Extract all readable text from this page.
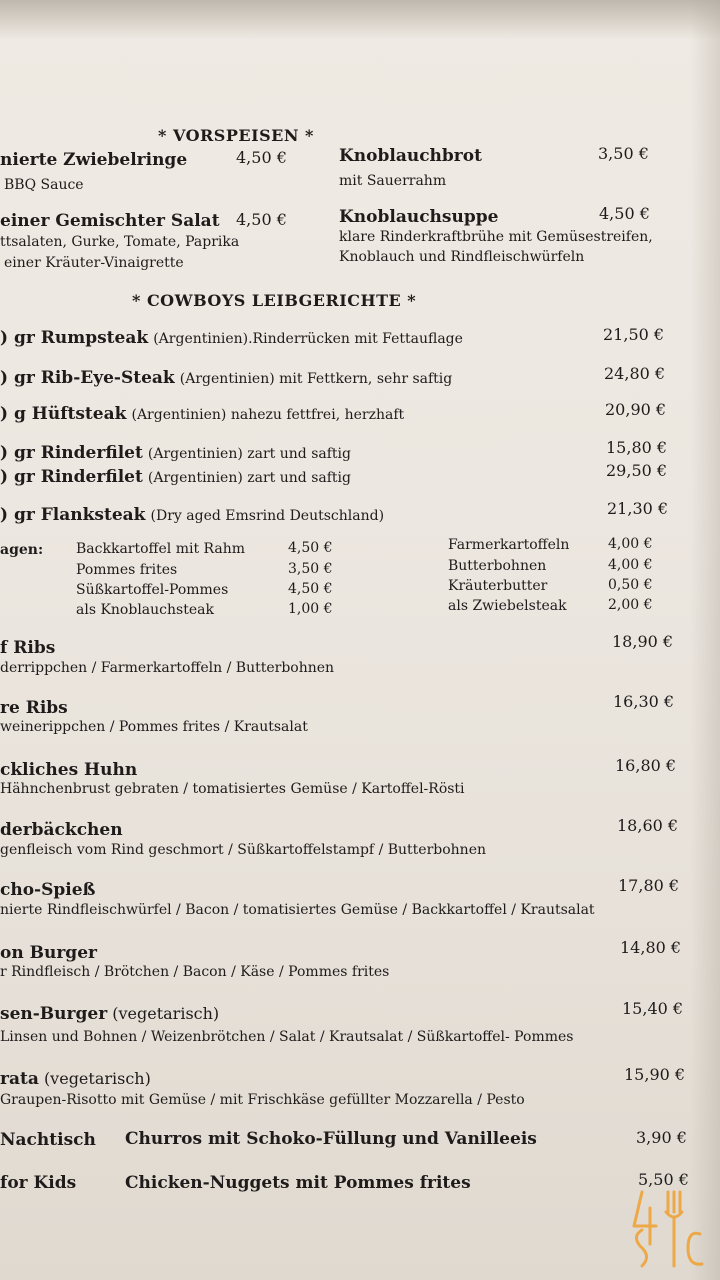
* VORSPEISEN *
nierte Zwiebelringe	4,50 €
BBQ Sauce
Knoblauchbrot	3,50 €
mit Sauerrahm
einer Gemischter Salat 4,50 €
ttsalaten, Gurke, Tomate, Paprika
einer Kräuter-Vinaigrette
Knoblauchsuppe	4,50 €
klare Rinderkraftbrühe mit Gemüsestreifen,
Knoblauch und Rindfleischwürfeln
* COWBOYS LEIBGERICHTE *
) gr Rumpsteak (Argentinien).Rinderrücken mit Fettauflage	21,50 €
) gr Rib-Eye-Steak (Argentinien) mit Fettkern, sehr saftig	24,80 €
) g Hüftsteak (Argentinien) nahezu fettfrei, herzhaft	20,90 €
) gr Rinderfilet (Argentinien) zart und saftig	15,80 €
) gr Rinderfilet (Argentinien) zart und saftig	29,50 €
) gr Flanksteak (Dry aged Emsrind Deutschland)	21,30 €
agen: Backkartoffel mit Rahm	4,50 €
Pommes frites	3,50 €
Süßkartoffel-Pommes	4,50 €
als Knoblauchsteak	1,00 €
Farmerkartoffeln	4,00 €
Butterbohnen	4,00 €
Kräuterbutter	0,50 €
als Zwiebelsteak	2,00 €
f Ribs	18,90 €
derrippchen / Farmerkartoffeln / Butterbohnen
re Ribs	16,30 €
weinerippchen / Pommes frites / Krautsalat
ckliches Huhn	16,80 €
Hähnchenbrust gebraten / tomatisiertes Gemüse / Kartoffel-Rösti
derbäckchen	18,60 €
genfleisch vom Rind geschmort / Süßkartoffelstampf / Butterbohnen
cho-Spieß	17,80 €
nierte Rindfleischwürfel / Bacon / tomatisiertes Gemüse / Backkartoffel / Krautsalat
on Burger	14,80 €
r Rindfleisch / Brötchen / Bacon / Käse / Pommes frites
sen-Burger (vegetarisch)	15,40 €
Linsen und Bohnen / Weizenbrötchen / Salat / Krautsalat / Süßkartoffel- Pommes
rata (vegetarisch)	15,90 €
Graupen-Risotto mit Gemüse / mit Frischkäse gefüllter Mozzarella / Pesto
Nachtisch Churros mit Schoko-Füllung und Vanilleeis	3,90 €
for Kids	Chicken-Nuggets mit Pommes frites	5,50 €
